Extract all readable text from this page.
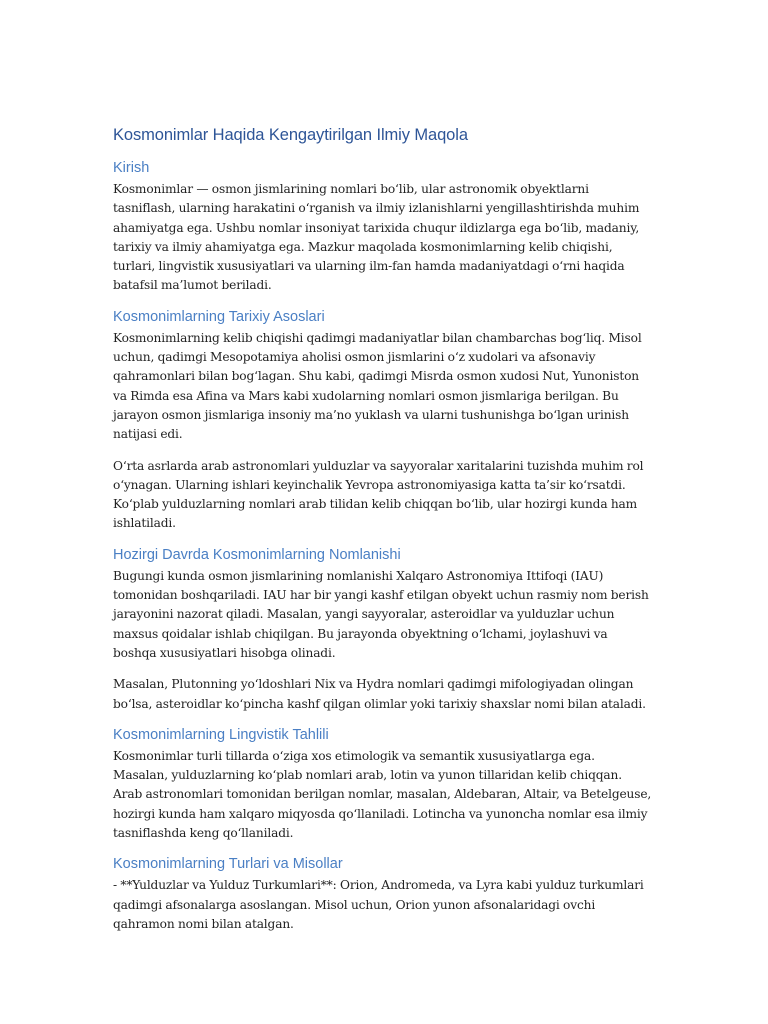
Kosmonimlar Haqida Kengaytirilgan Ilmiy Maqola
Kirish

Kosmonimlar — osmon jismlarining nomlari bo‘lib, ular astronomik obyektlarni tasniflash, ularning harakatini o‘rganish va ilmiy izlanishlarni yengillashtirishda muhim ahamiyatga ega. Ushbu nomlar insoniyat tarixida chuqur ildizlarga ega bo‘lib, madaniy, tarixiy va ilmiy ahamiyatga ega. Mazkur maqolada kosmonimlarning kelib chiqishi, turlari, lingvistik xususiyatlari va ularning ilm-fan hamda madaniyatdagi o‘rni haqida batafsil ma’lumot beriladi.

Kosmonimlarning Tarixiy Asoslari

Kosmonimlarning kelib chiqishi qadimgi madaniyatlar bilan chambarchas bog‘liq. Misol uchun, qadimgi Mesopotamiya aholisi osmon jismlarini o‘z xudolari va afsonaviy qahramonlari bilan bog‘lagan. Shu kabi, qadimgi Misrda osmon xudosi Nut, Yunoniston va Rimda esa Afina va Mars kabi xudolarning nomlari osmon jismlariga berilgan. Bu jarayon osmon jismlariga insoniy ma’no yuklash va ularni tushunishga bo‘lgan urinish natijasi edi.

O‘rta asrlarda arab astronomlari yulduzlar va sayyoralar xaritalarini tuzishda muhim rol o‘ynagan. Ularning ishlari keyinchalik Yevropa astronomiyasiga katta ta’sir ko‘rsatdi. Ko‘plab yulduzlarning nomlari arab tilidan kelib chiqqan bo‘lib, ular hozirgi kunda ham ishlatiladi.

Hozirgi Davrda Kosmonimlarning Nomlanishi

Bugungi kunda osmon jismlarining nomlanishi Xalqaro Astronomiya Ittifoqi (IAU) tomonidan boshqariladi. IAU har bir yangi kashf etilgan obyekt uchun rasmiy nom berish jarayonini nazorat qiladi. Masalan, yangi sayyoralar, asteroidlar va yulduzlar uchun maxsus qoidalar ishlab chiqilgan. Bu jarayonda obyektning o‘lchami, joylashuvi va boshqa xususiyatlari hisobga olinadi.

Masalan, Plutonning yo‘ldoshlari Nix va Hydra nomlari qadimgi mifologiyadan olingan bo‘lsa, asteroidlar ko‘pincha kashf qilgan olimlar yoki tarixiy shaxslar nomi bilan ataladi.

Kosmonimlarning Lingvistik Tahlili

Kosmonimlar turli tillarda o‘ziga xos etimologik va semantik xususiyatlarga ega. Masalan, yulduzlarning ko‘plab nomlari arab, lotin va yunon tillaridan kelib chiqqan. Arab astronomlari tomonidan berilgan nomlar, masalan, Aldebaran, Altair, va Betelgeuse, hozirgi kunda ham xalqaro miqyosda qo‘llaniladi. Lotincha va yunoncha nomlar esa ilmiy tasniflashda keng qo‘llaniladi.

Kosmonimlarning Turlari va Misollar

- **Yulduzlar va Yulduz Turkumlari**: Orion, Andromeda, va Lyra kabi yulduz turkumlari qadimgi afsonalarga asoslangan. Misol uchun, Orion yunon afsonalaridagi ovchi qahramon nomi bilan atalgan.
